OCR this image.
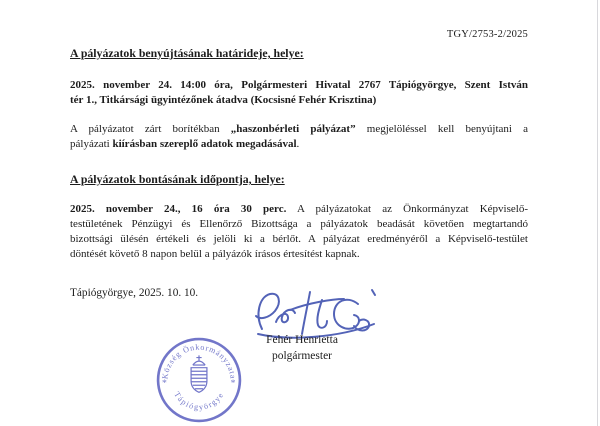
TGY/2753-2/2025
A pályázatok benyújtásának határideje, helye:
2025. november 24. 14:00 óra, Polgármesteri Hivatal 2767 Tápiógyörgye, Szent István
tér 1., Titkársági ügyintézőnek átadva (Kocsisné Fehér Krisztina)
A pályázatot zárt borítékban „haszonbérleti pályázat” megjelöléssel kell benyújtani a
pályázati kiírásban szereplő adatok megadásával.
A pályázatok bontásának időpontja, helye:
2025. november 24., 16 óra 30 perc. A pályázatokat az Önkormányzat Képviselő-
testületének Pénzügyi és Ellenőrző Bizottsága a pályázatok beadását követően megtartandó
bizottsági ülésén értékeli és jelöli ki a bérlőt. A pályázat eredményéről a Képviselő-testület
döntését követő 8 napon belül a pályázók írásos értesítést kapnak.
Tápiógyörgye, 2025. 10. 10.
Fehér Henrietta
polgármester
Község Önkormányzata
Tápiógyörgye
*	*
